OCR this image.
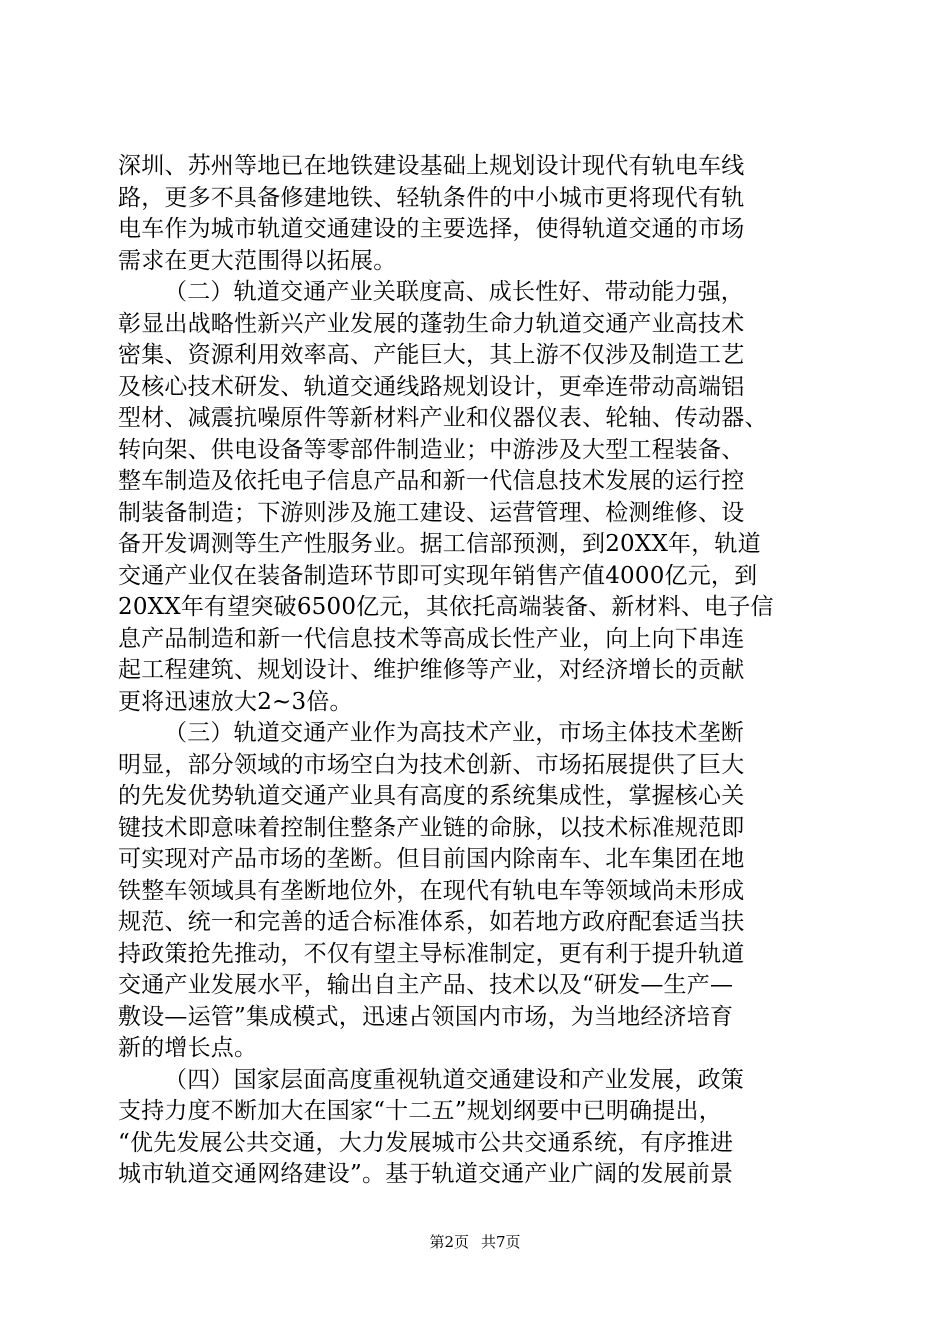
深圳、苏州等地已在地铁建设基础上规划设计现代有轨电车线
路，更多不具备修建地铁、轻轨条件的中小城市更将现代有轨
电车作为城市轨道交通建设的主要选择，使得轨道交通的市场
需求在更大范围得以拓展。
（二）轨道交通产业关联度高、成长性好、带动能力强，
彰显出战略性新兴产业发展的蓬勃生命力轨道交通产业高技术
密集、资源利用效率高、产能巨大，其上游不仅涉及制造工艺
及核心技术研发、轨道交通线路规划设计，更牵连带动高端铝
型材、减震抗噪原件等新材料产业和仪器仪表、轮轴、传动器、
转向架、供电设备等零部件制造业；中游涉及大型工程装备、
整车制造及依托电子信息产品和新一代信息技术发展的运行控
制装备制造；下游则涉及施工建设、运营管理、检测维修、设
备开发调测等生产性服务业。据工信部预测，到20XX年，轨道
交通产业仅在装备制造环节即可实现年销售产值4000亿元，到
20XX年有望突破6500亿元，其依托高端装备、新材料、电子信
息产品制造和新一代信息技术等高成长性产业，向上向下串连
起工程建筑、规划设计、维护维修等产业，对经济增长的贡献
更将迅速放大2~3倍。
（三）轨道交通产业作为高技术产业，市场主体技术垄断
明显，部分领域的市场空白为技术创新、市场拓展提供了巨大
的先发优势轨道交通产业具有高度的系统集成性，掌握核心关
键技术即意味着控制住整条产业链的命脉，以技术标准规范即
可实现对产品市场的垄断。但目前国内除南车、北车集团在地
铁整车领域具有垄断地位外，在现代有轨电车等领域尚未形成
规范、统一和完善的适合标准体系，如若地方政府配套适当扶
持政策抢先推动，不仅有望主导标准制定，更有利于提升轨道
交通产业发展水平，输出自主产品、技术以及“研发—生产—
敷设—运管”集成模式，迅速占领国内市场，为当地经济培育
新的增长点。
（四）国家层面高度重视轨道交通建设和产业发展，政策
支持力度不断加大在国家“十二五”规划纲要中已明确提出，
“优先发展公共交通，大力发展城市公共交通系统，有序推进
城市轨道交通网络建设”。基于轨道交通产业广阔的发展前景
第2页 共7页
